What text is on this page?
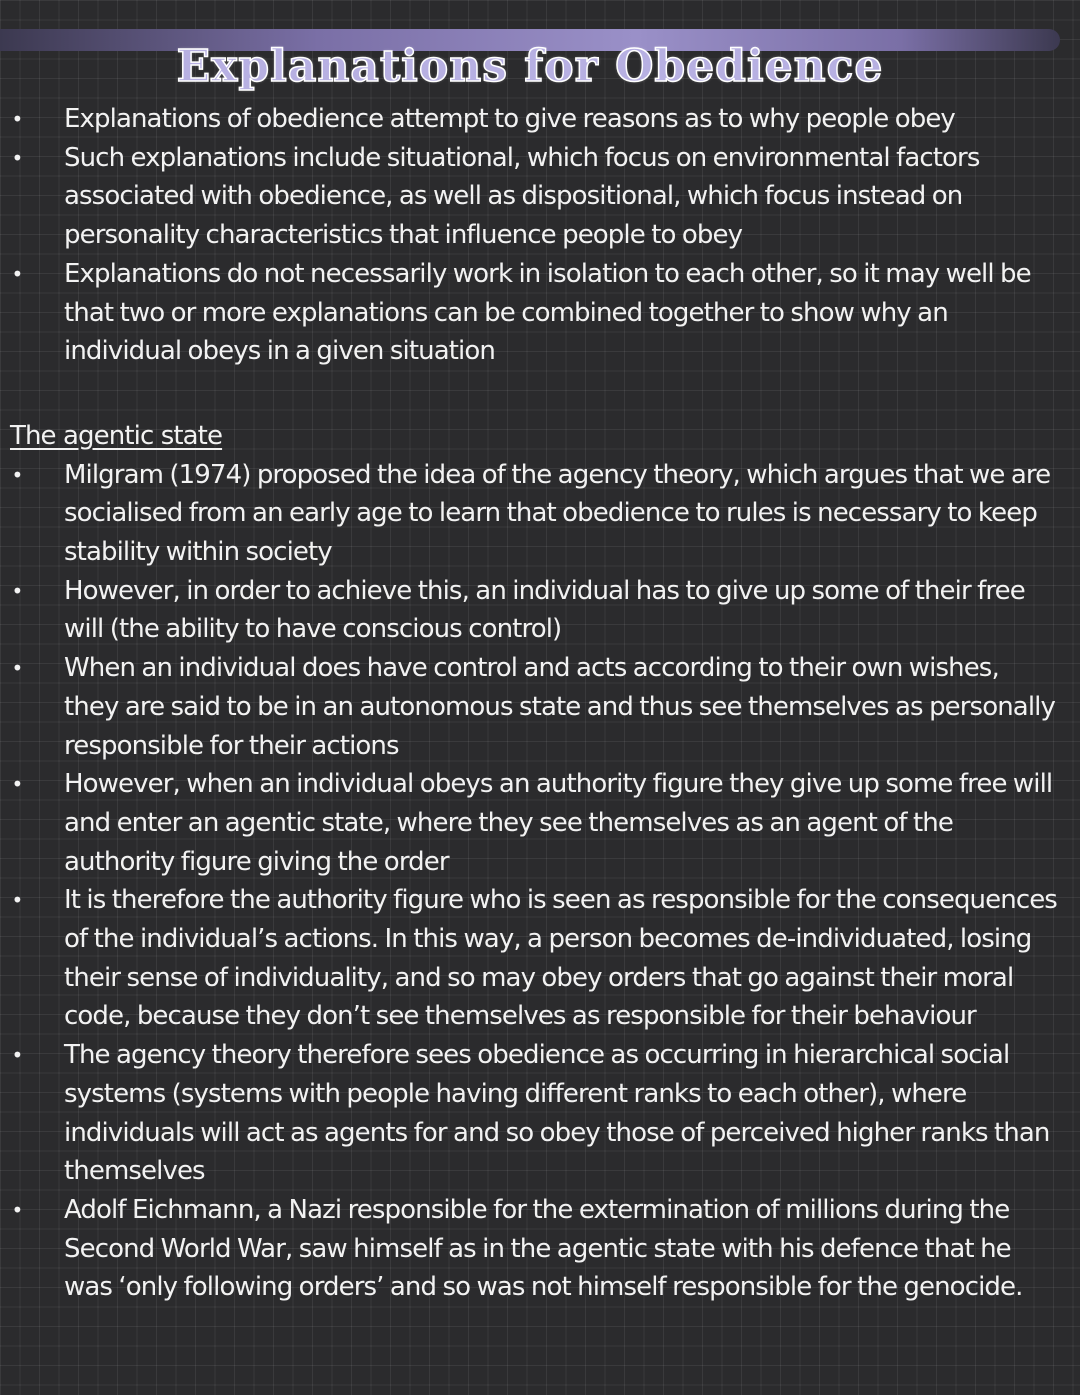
Explanations for Obedience
•	Explanations of obedience attempt to give reasons as to why people obey
•	Such explanations include situational, which focus on environmental factors associated with obedience, as well as dispositional, which focus instead on personality characteristics that influence people to obey
•	Explanations do not necessarily work in isolation to each other, so it may well be that two or more explanations can be combined together to show why an individual obeys in a given situation
The agentic state
•	Milgram (1974) proposed the idea of the agency theory, which argues that we are socialised from an early age to learn that obedience to rules is necessary to keep stability within society
•	However, in order to achieve this, an individual has to give up some of their free will (the ability to have conscious control)
•	When an individual does have control and acts according to their own wishes, they are said to be in an autonomous state and thus see themselves as personally responsible for their actions
•	However, when an individual obeys an authority figure they give up some free will and enter an agentic state, where they see themselves as an agent of the authority figure giving the order
•	It is therefore the authority figure who is seen as responsible for the consequences of the individual’s actions. In this way, a person becomes de-individuated, losing their sense of individuality, and so may obey orders that go against their moral code, because they don’t see themselves as responsible for their behaviour
•	The agency theory therefore sees obedience as occurring in hierarchical social systems (systems with people having different ranks to each other), where individuals will act as agents for and so obey those of perceived higher ranks than themselves
•	Adolf Eichmann, a Nazi responsible for the extermination of millions during the Second World War, saw himself as in the agentic state with his defence that he was ‘only following orders’ and so was not himself responsible for the genocide.
